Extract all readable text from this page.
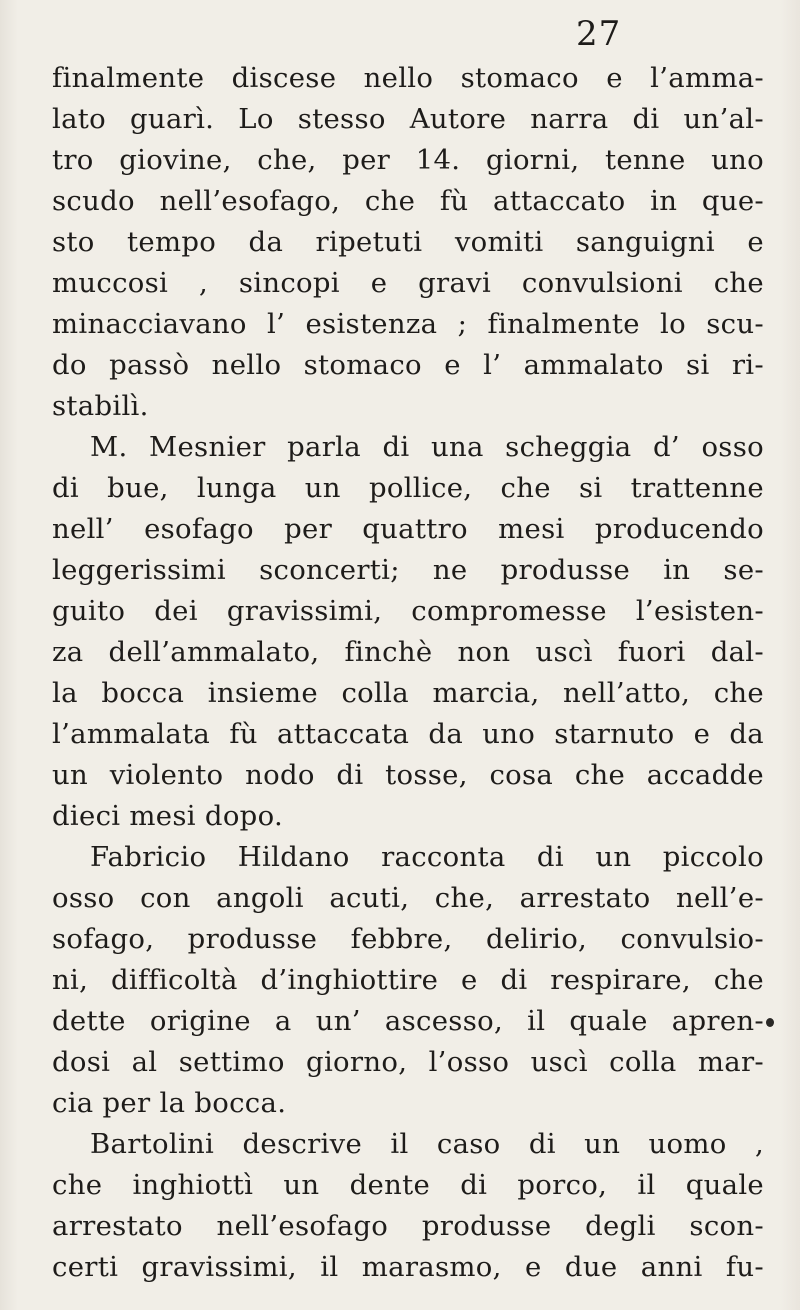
27
finalmente discese nello stomaco e l’amma-
lato guarì. Lo stesso Autore narra di un’al-
tro giovine, che, per 14. giorni, tenne uno
scudo nell’esofago, che fù attaccato in que-
sto tempo da ripetuti vomiti sanguigni e
muccosi , sincopi e gravi convulsioni che
minacciavano l’ esistenza ; finalmente lo scu-
do passò nello stomaco e l’ ammalato si ri-
stabilì.
M. Mesnier parla di una scheggia d’ osso
di bue, lunga un pollice, che si trattenne
nell’ esofago per quattro mesi producendo
leggerissimi sconcerti; ne produsse in se-
guito dei gravissimi, compromesse l’esisten-
za dell’ammalato, finchè non uscì fuori dal-
la bocca insieme colla marcia, nell’atto, che
l’ammalata fù attaccata da uno starnuto e da
un violento nodo di tosse, cosa che accadde
dieci mesi dopo.
Fabricio Hildano racconta di un piccolo
osso con angoli acuti, che, arrestato nell’e-
sofago, produsse febbre, delirio, convulsio-
ni, difficoltà d’inghiottire e di respirare, che
dette origine a un’ ascesso, il quale apren-
dosi al settimo giorno, l’osso uscì colla mar-
cia per la bocca.
Bartolini descrive il caso di un uomo ,
che inghiottì un dente di porco, il quale
arrestato nell’esofago produsse degli scon-
certi gravissimi, il marasmo, e due anni fu-
